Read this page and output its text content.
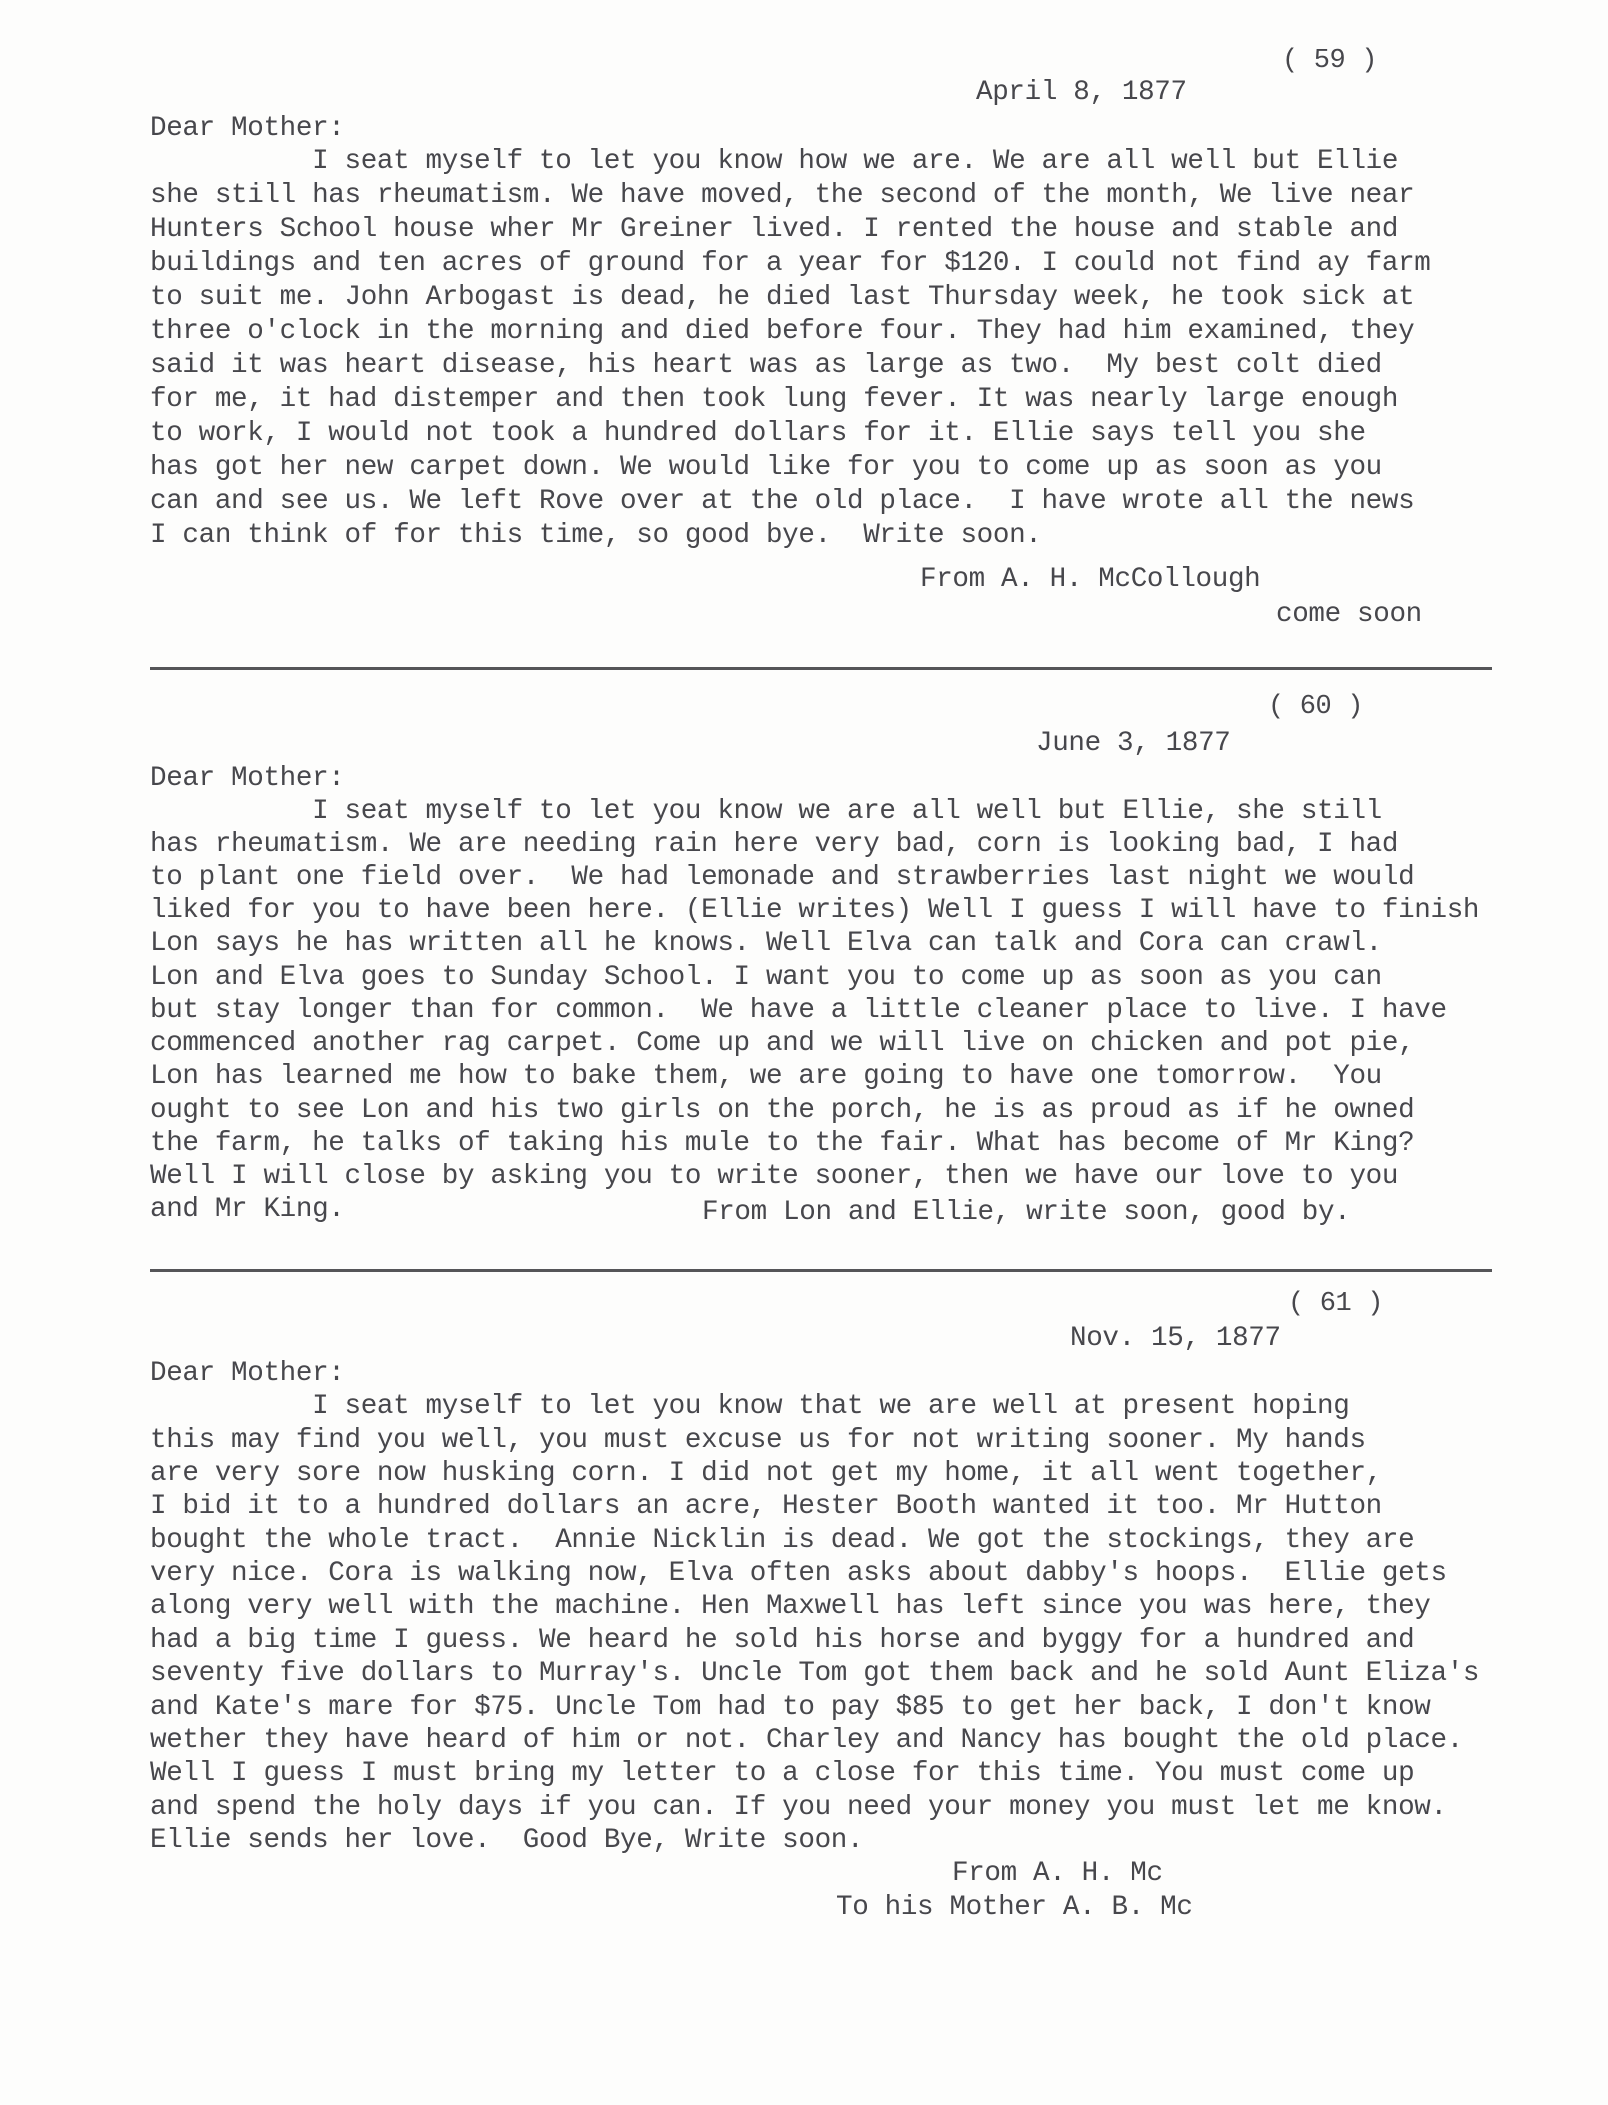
( 59 )
April 8, 1877
Dear Mother:
I seat myself to let you know how we are. We are all well but Ellie
she still has rheumatism. We have moved, the second of the month, We live near
Hunters School house wher Mr Greiner lived. I rented the house and stable and
buildings and ten acres of ground for a year for $120. I could not find ay farm
to suit me. John Arbogast is dead, he died last Thursday week, he took sick at
three o'clock in the morning and died before four. They had him examined, they
said it was heart disease, his heart was as large as two.  My best colt died
for me, it had distemper and then took lung fever. It was nearly large enough
to work, I would not took a hundred dollars for it. Ellie says tell you she
has got her new carpet down. We would like for you to come up as soon as you
can and see us. We left Rove over at the old place.  I have wrote all the news
I can think of for this time, so good bye.  Write soon.
From A. H. McCollough
come soon
( 60 )
June 3, 1877
Dear Mother:
I seat myself to let you know we are all well but Ellie, she still
has rheumatism. We are needing rain here very bad, corn is looking bad, I had
to plant one field over.  We had lemonade and strawberries last night we would
liked for you to have been here. (Ellie writes) Well I guess I will have to finish
Lon says he has written all he knows. Well Elva can talk and Cora can crawl.
Lon and Elva goes to Sunday School. I want you to come up as soon as you can
but stay longer than for common.  We have a little cleaner place to live. I have
commenced another rag carpet. Come up and we will live on chicken and pot pie,
Lon has learned me how to bake them, we are going to have one tomorrow.  You
ought to see Lon and his two girls on the porch, he is as proud as if he owned
the farm, he talks of taking his mule to the fair. What has become of Mr King?
Well I will close by asking you to write sooner, then we have our love to you
and Mr King.	From Lon and Ellie, write soon, good by.
( 61 )
Nov. 15, 1877
Dear Mother:
I seat myself to let you know that we are well at present hoping
this may find you well, you must excuse us for not writing sooner. My hands
are very sore now husking corn. I did not get my home, it all went together,
I bid it to a hundred dollars an acre, Hester Booth wanted it too. Mr Hutton
bought the whole tract.  Annie Nicklin is dead. We got the stockings, they are
very nice. Cora is walking now, Elva often asks about dabby's hoops.  Ellie gets
along very well with the machine. Hen Maxwell has left since you was here, they
had a big time I guess. We heard he sold his horse and byggy for a hundred and
seventy five dollars to Murray's. Uncle Tom got them back and he sold Aunt Eliza's
and Kate's mare for $75. Uncle Tom had to pay $85 to get her back, I don't know
wether they have heard of him or not. Charley and Nancy has bought the old place.
Well I guess I must bring my letter to a close for this time. You must come up
and spend the holy days if you can. If you need your money you must let me know.
Ellie sends her love.  Good Bye, Write soon.
From A. H. Mc
To his Mother A. B. Mc
